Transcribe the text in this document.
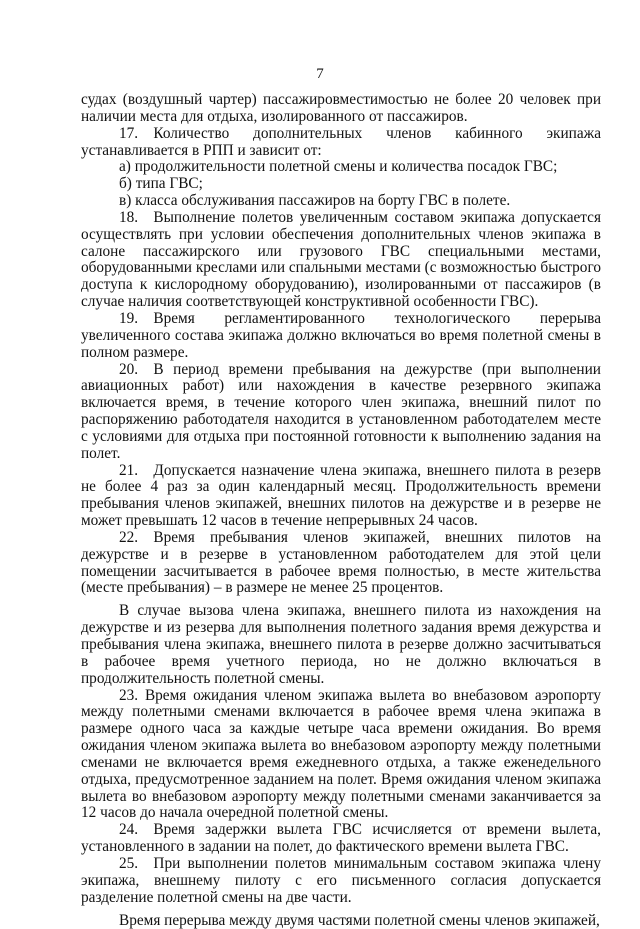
7

судах (воздушный чартер) пассажировместимостью не более 20 человек при наличии места для отдыха, изолированного от пассажиров.

17. Количество дополнительных членов кабинного экипажа устанавливается в РПП и зависит от:

а) продолжительности полетной смены и количества посадок ГВС;

б) типа ГВС;

в) класса обслуживания пассажиров на борту ГВС в полете.

18. Выполнение полетов увеличенным составом экипажа допускается осуществлять при условии обеспечения дополнительных членов экипажа в салоне пассажирского или грузового ГВС специальными местами, оборудованными креслами или спальными местами (с возможностью быстрого доступа к кислородному оборудованию), изолированными от пассажиров (в случае наличия соответствующей конструктивной особенности ГВС).

19. Время регламентированного технологического перерыва увеличенного состава экипажа должно включаться во время полетной смены в полном размере.

20. В период времени пребывания на дежурстве (при выполнении авиационных работ) или нахождения в качестве резервного экипажа включается время, в течение которого член экипажа, внешний пилот по распоряжению работодателя находится в установленном работодателем месте с условиями для отдыха при постоянной готовности к выполнению задания на полет.

21. Допускается назначение члена экипажа, внешнего пилота в резерв не более 4 раз за один календарный месяц. Продолжительность времени пребывания членов экипажей, внешних пилотов на дежурстве и в резерве не может превышать 12 часов в течение непрерывных 24 часов.

22. Время пребывания членов экипажей, внешних пилотов на дежурстве и в резерве в установленном работодателем для этой цели помещении засчитывается в рабочее время полностью, в месте жительства (месте пребывания) – в размере не менее 25 процентов.

В случае вызова члена экипажа, внешнего пилота из нахождения на дежурстве и из резерва для выполнения полетного задания время дежурства и пребывания члена экипажа, внешнего пилота в резерве должно засчитываться в рабочее время учетного периода, но не должно включаться в продолжительность полетной смены.

23. Время ожидания членом экипажа вылета во внебазовом аэропорту между полетными сменами включается в рабочее время члена экипажа в размере одного часа за каждые четыре часа времени ожидания. Во время ожидания членом экипажа вылета во внебазовом аэропорту между полетными сменами не включается время ежедневного отдыха, а также еженедельного отдыха, предусмотренное заданием на полет. Время ожидания членом экипажа вылета во внебазовом аэропорту между полетными сменами заканчивается за 12 часов до начала очередной полетной смены.

24. Время задержки вылета ГВС исчисляется от времени вылета, установленного в задании на полет, до фактического времени вылета ГВС.

25. При выполнении полетов минимальным составом экипажа члену экипажа, внешнему пилоту с его письменного согласия допускается разделение полетной смены на две части.

Время перерыва между двумя частями полетной смены членов экипажей,
